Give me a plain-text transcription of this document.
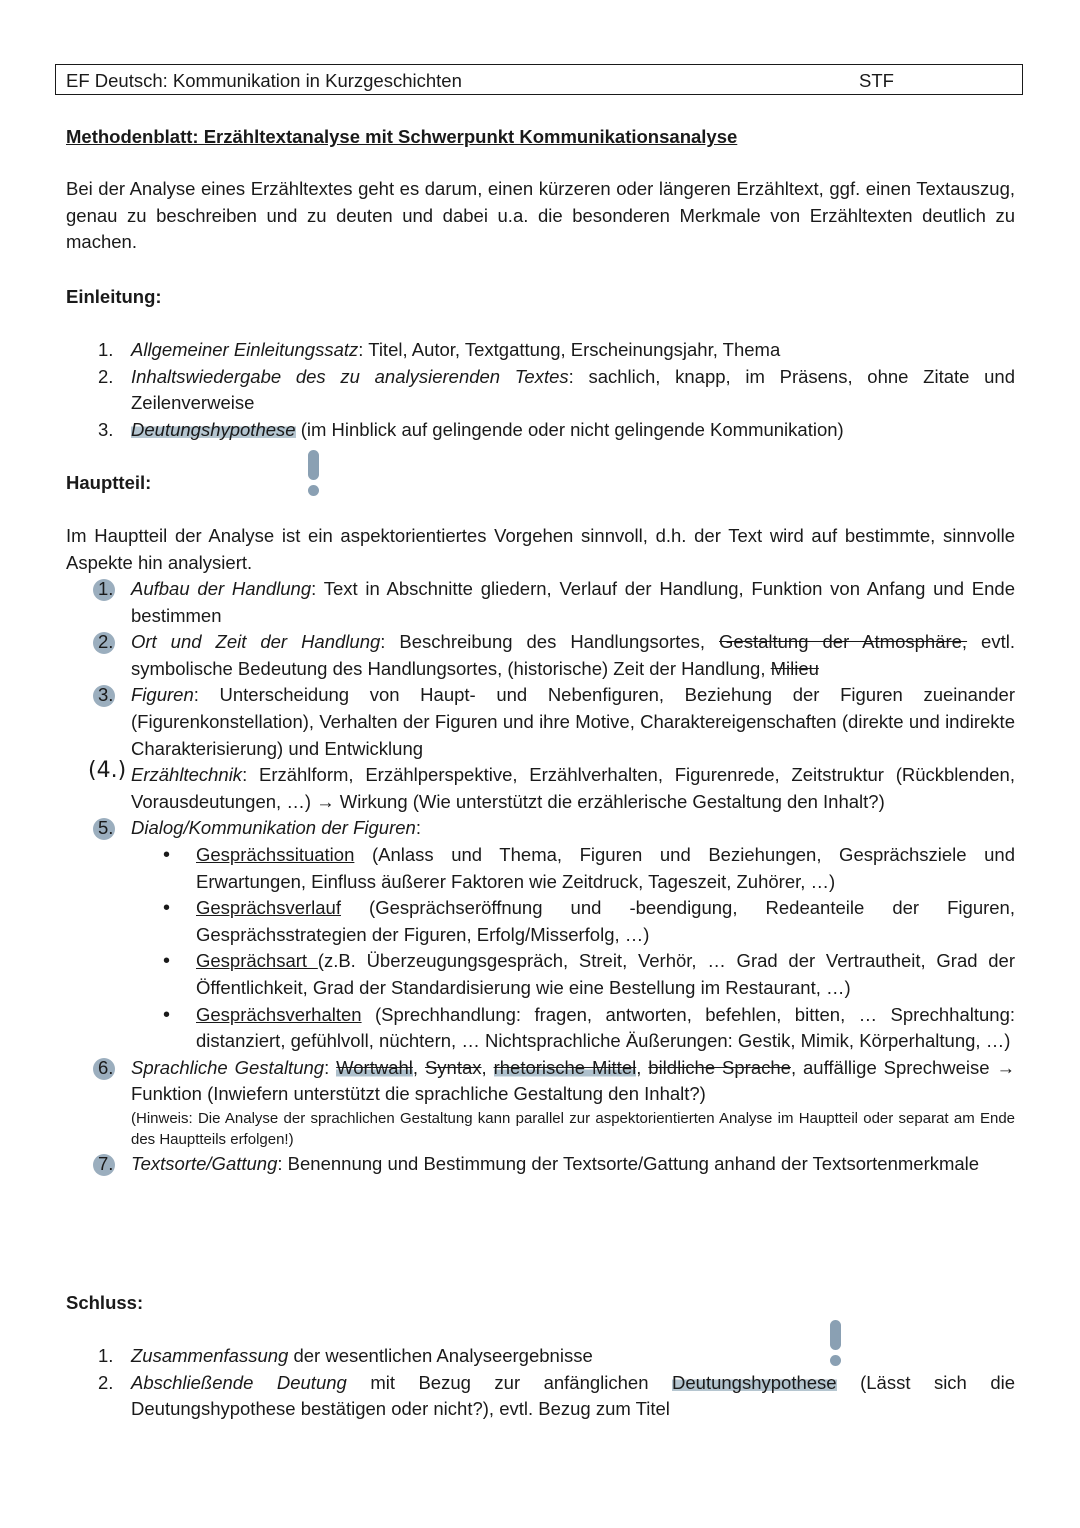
EF Deutsch: Kommunikation in Kurzgeschichten	STF
Methodenblatt: Erzähltextanalyse mit Schwerpunkt Kommunikationsanalyse
Bei der Analyse eines Erzähltextes geht es darum, einen kürzeren oder längeren Erzähltext, ggf. einen Textauszug, genau zu beschreiben und zu deuten und dabei u.a. die besonderen Merkmale von Erzähltexten deutlich zu machen.
Einleitung:
1. Allgemeiner Einleitungssatz: Titel, Autor, Textgattung, Erscheinungsjahr, Thema
2. Inhaltswiedergabe des zu analysierenden Textes: sachlich, knapp, im Präsens, ohne Zitate und Zeilenverweise
3. Deutungshypothese (im Hinblick auf gelingende oder nicht gelingende Kommunikation)
Hauptteil:
Im Hauptteil der Analyse ist ein aspektorientiertes Vorgehen sinnvoll, d.h. der Text wird auf bestimmte, sinnvolle Aspekte hin analysiert.
1. Aufbau der Handlung: Text in Abschnitte gliedern, Verlauf der Handlung, Funktion von Anfang und Ende bestimmen
2. Ort und Zeit der Handlung: Beschreibung des Handlungsortes, Gestaltung der Atmosphäre, evtl. symbolische Bedeutung des Handlungsortes, (historische) Zeit der Handlung, Milieu
3. Figuren: Unterscheidung von Haupt- und Nebenfiguren, Beziehung der Figuren zueinander (Figurenkonstellation), Verhalten der Figuren und ihre Motive, Charaktereigenschaften (direkte und indirekte Charakterisierung) und Entwicklung
(4.) Erzähltechnik: Erzählform, Erzählperspektive, Erzählverhalten, Figurenrede, Zeitstruktur (Rückblenden, Vorausdeutungen, …) → Wirkung (Wie unterstützt die erzählerische Gestaltung den Inhalt?)
5. Dialog/Kommunikation der Figuren:
• Gesprächssituation (Anlass und Thema, Figuren und Beziehungen, Gesprächsziele und Erwartungen, Einfluss äußerer Faktoren wie Zeitdruck, Tageszeit, Zuhörer, …)
• Gesprächsverlauf (Gesprächseröffnung und -beendigung, Redeanteile der Figuren, Gesprächsstrategien der Figuren, Erfolg/Misserfolg, …)
• Gesprächsart (z.B. Überzeugungsgespräch, Streit, Verhör, … Grad der Vertrautheit, Grad der Öffentlichkeit, Grad der Standardisierung wie eine Bestellung im Restaurant, …)
• Gesprächsverhalten (Sprechhandlung: fragen, antworten, befehlen, bitten, … Sprechhaltung: distanziert, gefühlvoll, nüchtern, … Nichtsprachliche Äußerungen: Gestik, Mimik, Körperhaltung, …)
6. Sprachliche Gestaltung: Wortwahl, Syntax, rhetorische Mittel, bildliche Sprache, auffällige Sprechweise → Funktion (Inwiefern unterstützt die sprachliche Gestaltung den Inhalt?)
(Hinweis: Die Analyse der sprachlichen Gestaltung kann parallel zur aspektorientierten Analyse im Hauptteil oder separat am Ende des Hauptteils erfolgen!)
7. Textsorte/Gattung: Benennung und Bestimmung der Textsorte/Gattung anhand der Textsortenmerkmale
Schluss:
1. Zusammenfassung der wesentlichen Analyseergebnisse
2. Abschließende Deutung mit Bezug zur anfänglichen Deutungshypothese (Lässt sich die Deutungshypothese bestätigen oder nicht?), evtl. Bezug zum Titel
